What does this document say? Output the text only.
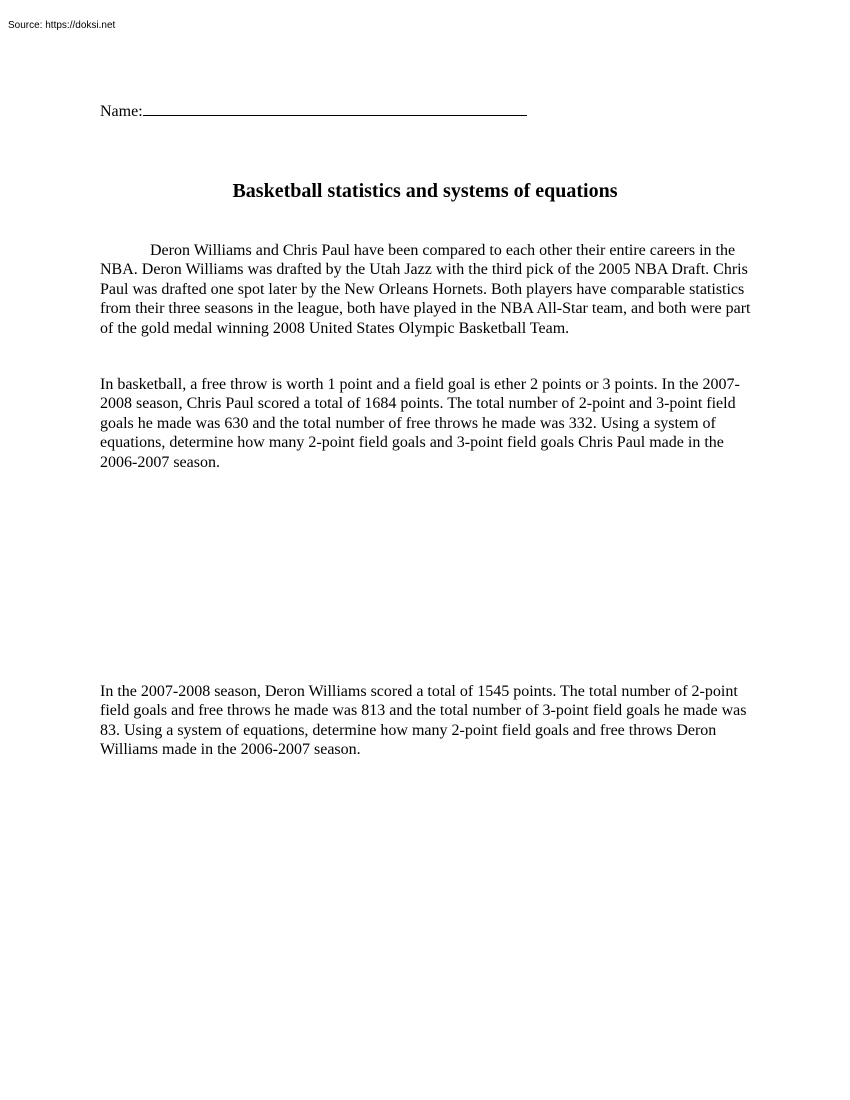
Source: https://doksi.net
Name:
Basketball statistics and systems of equations

Deron Williams and Chris Paul have been compared to each other their entire careers in the NBA. Deron Williams was drafted by the Utah Jazz with the third pick of the 2005 NBA Draft. Chris Paul was drafted one spot later by the New Orleans Hornets. Both players have comparable statistics from their three seasons in the league, both have played in the NBA All-Star team, and both were part of the gold medal winning 2008 United States Olympic Basketball Team.

In basketball, a free throw is worth 1 point and a field goal is ether 2 points or 3 points. In the 2007-2008 season, Chris Paul scored a total of 1684 points. The total number of 2-point and 3-point field goals he made was 630 and the total number of free throws he made was 332. Using a system of equations, determine how many 2-point field goals and 3-point field goals Chris Paul made in the 2006-2007 season.

In the 2007-2008 season, Deron Williams scored a total of 1545 points. The total number of 2-point field goals and free throws he made was 813 and the total number of 3-point field goals he made was 83. Using a system of equations, determine how many 2-point field goals and free throws Deron Williams made in the 2006-2007 season.
